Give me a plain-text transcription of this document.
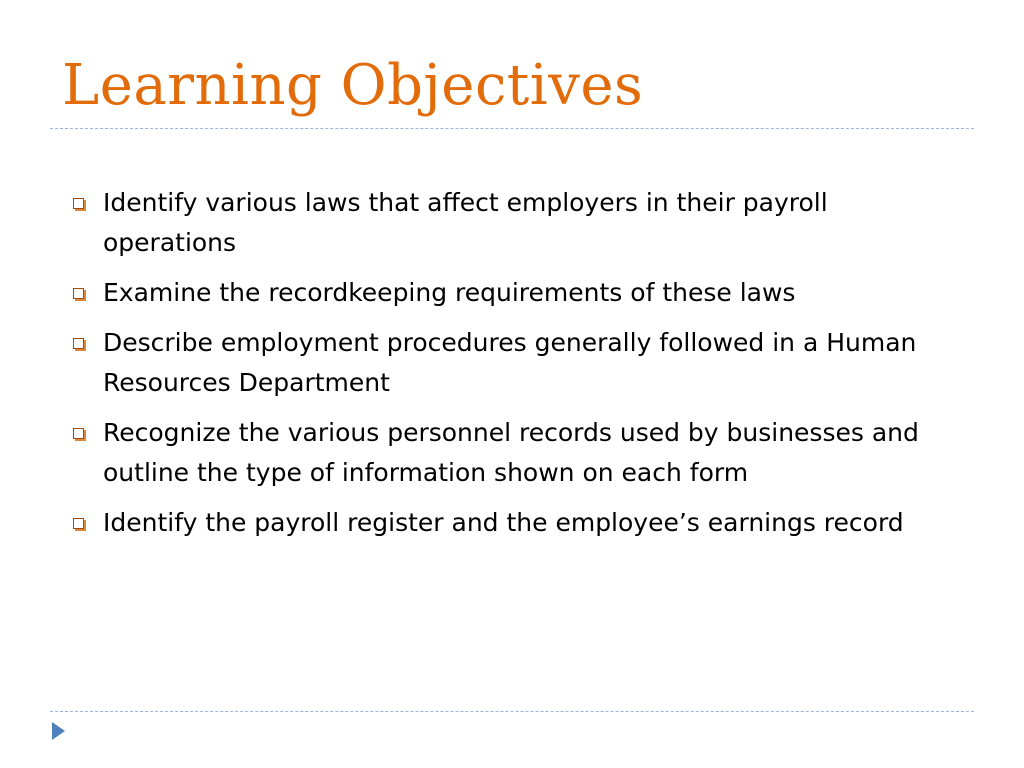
Learning Objectives
Identify various laws that affect employers in their payroll operations
Examine the recordkeeping requirements of these laws
Describe employment procedures generally followed in a Human Resources Department
Recognize the various personnel records used by businesses and outline the type of information shown on each form
Identify the payroll register and the employee’s earnings record
